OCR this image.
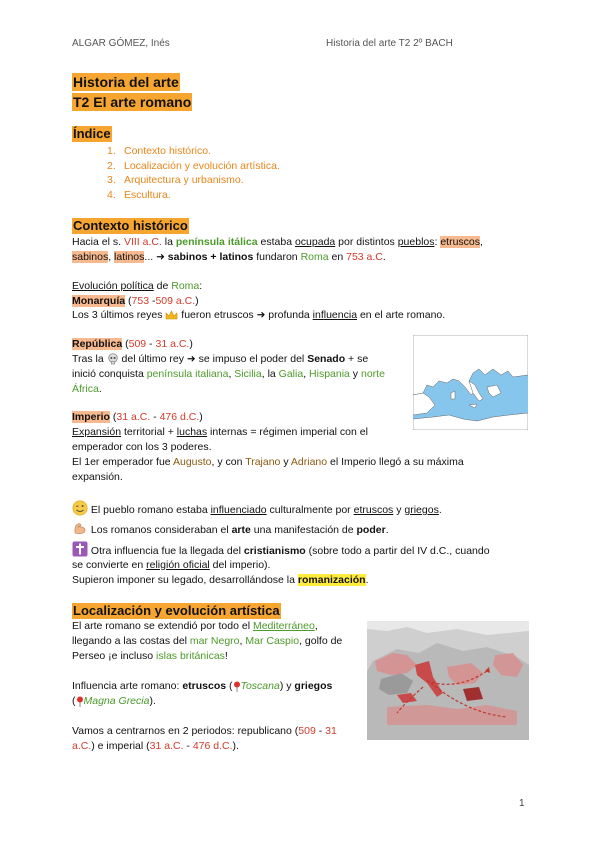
ALGAR GÓMEZ, Inés	Historia del arte T2 2º BACH
Historia del arte
T2 El arte romano
Índice
1. Contexto histórico.
2. Localización y evolución artística.
3. Arquitectura y urbanismo.
4. Escultura.
Contexto histórico
Hacia el s. VIII a.C. la península itálica estaba ocupada por distintos pueblos: etruscos,
sabinos, latinos... ➜ sabinos + latinos fundaron Roma en 753 a.C.
Evolución política de Roma:
Monarquía (753 -509 a.C.)
Los 3 últimos reyes  fueron etruscos ➜ profunda influencia en el arte romano.
República (509 - 31 a.C.)
Tras la  del último rey ➜ se impuso el poder del Senado + se
inició conquista península italiana, Sicilia, la Galia, Hispania y norte
África.
Imperio (31 a.C. - 476 d.C.)
Expansión territorial + luchas internas = régimen imperial con el
emperador con los 3 poderes.
El 1er emperador fue Augusto, y con Trajano y Adriano el Imperio llegó a su máxima
expansión.
El pueblo romano estaba influenciado culturalmente por etruscos y griegos.
Los romanos consideraban el arte una manifestación de poder.
Otra influencia fue la llegada del cristianismo (sobre todo a partir del IV d.C., cuando
se convierte en religión oficial del imperio).
Supieron imponer su legado, desarrollándose la romanización.
Localización y evolución artística
El arte romano se extendió por todo el Mediterráneo,
llegando a las costas del mar Negro, Mar Caspio, golfo de
Perseo ¡e incluso islas británicas!
Influencia arte romano: etruscos ( Toscana) y griegos
( Magna Grecia).
Vamos a centrarnos en 2 periodos: republicano (509 - 31
a.C.) e imperial (31 a.C. - 476 d.C.).
1
